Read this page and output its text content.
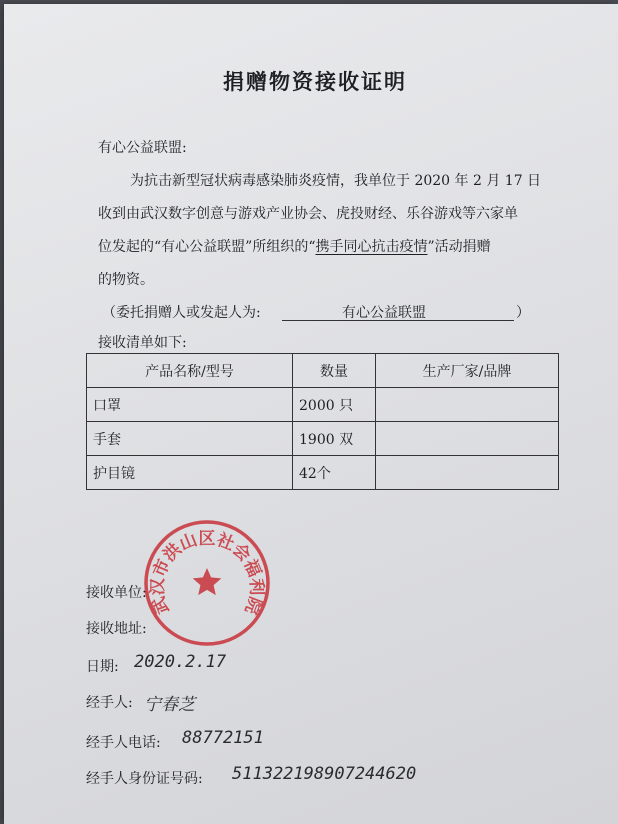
捐赠物资接收证明
有心公益联盟:
为抗击新型冠状病毒感染肺炎疫情，我单位于 2020 年 2 月 17 日
收到由武汉数字创意与游戏产业协会、虎投财经、乐谷游戏等六家单
位发起的“有心公益联盟”所组织的“携手同心抗击疫情”活动捐赠
的物资。
（委托捐赠人或发起人为:	有心公益联盟	）
接收清单如下:
产品名称/型号	数量	生产厂家/品牌
口罩	2000 只	
手套	1900 双	
护目镜	42个	
武汉市洪山区社会福利院
接收单位:
接收地址:
日期: 2020.2.17
经手人: 宁春芝
经手人电话: 88772151
经手人身份证号码: 511322198907244620
